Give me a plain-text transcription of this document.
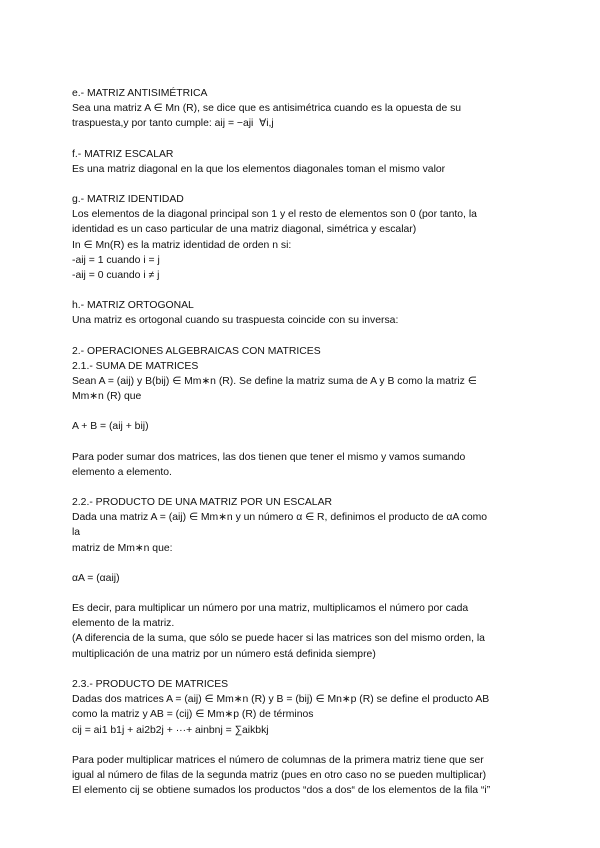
e.- MATRIZ ANTISIMÉTRICA
Sea una matriz A ∈ Mn (R), se dice que es antisimétrica cuando es la opuesta de su
traspuesta,y por tanto cumple: aij = −aji  ∀i,j
f.- MATRIZ ESCALAR
Es una matriz diagonal en la que los elementos diagonales toman el mismo valor
g.- MATRIZ IDENTIDAD
Los elementos de la diagonal principal son 1 y el resto de elementos son 0 (por tanto, la
identidad es un caso particular de una matriz diagonal, simétrica y escalar)
In ∈ Mn(R) es la matriz identidad de orden n si:
-aij = 1 cuando i = j
-aij = 0 cuando i ≠ j
h.- MATRIZ ORTOGONAL
Una matriz es ortogonal cuando su traspuesta coincide con su inversa:
2.- OPERACIONES ALGEBRAICAS CON MATRICES
2.1.- SUMA DE MATRICES
Sean A = (aij) y B(bij) ∈ Mm∗n (R). Se define la matriz suma de A y B como la matriz ∈
Mm∗n (R) que
A + B = (aij + bij)
Para poder sumar dos matrices, las dos tienen que tener el mismo y vamos sumando
elemento a elemento.
2.2.- PRODUCTO DE UNA MATRIZ POR UN ESCALAR
Dada una matriz A = (aij) ∈ Mm∗n y un número α ∈ R, definimos el producto de αA como
la
matriz de Mm∗n que:
αA = (αaij)
Es decir, para multiplicar un número por una matriz, multiplicamos el número por cada
elemento de la matriz.
(A diferencia de la suma, que sólo se puede hacer si las matrices son del mismo orden, la
multiplicación de una matriz por un número está definida siempre)
2.3.- PRODUCTO DE MATRICES
Dadas dos matrices A = (aij) ∈ Mm∗n (R) y B = (bij) ∈ Mn∗p (R) se define el producto AB
como la matriz y AB = (cij) ∈ Mm∗p (R) de términos
cij = ai1 b1j + ai2b2j + ···+ ainbnj = ∑aikbkj
Para poder multiplicar matrices el número de columnas de la primera matriz tiene que ser
igual al número de filas de la segunda matriz (pues en otro caso no se pueden multiplicar)
El elemento cij se obtiene sumados los productos “dos a dos“ de los elementos de la fila “i”
